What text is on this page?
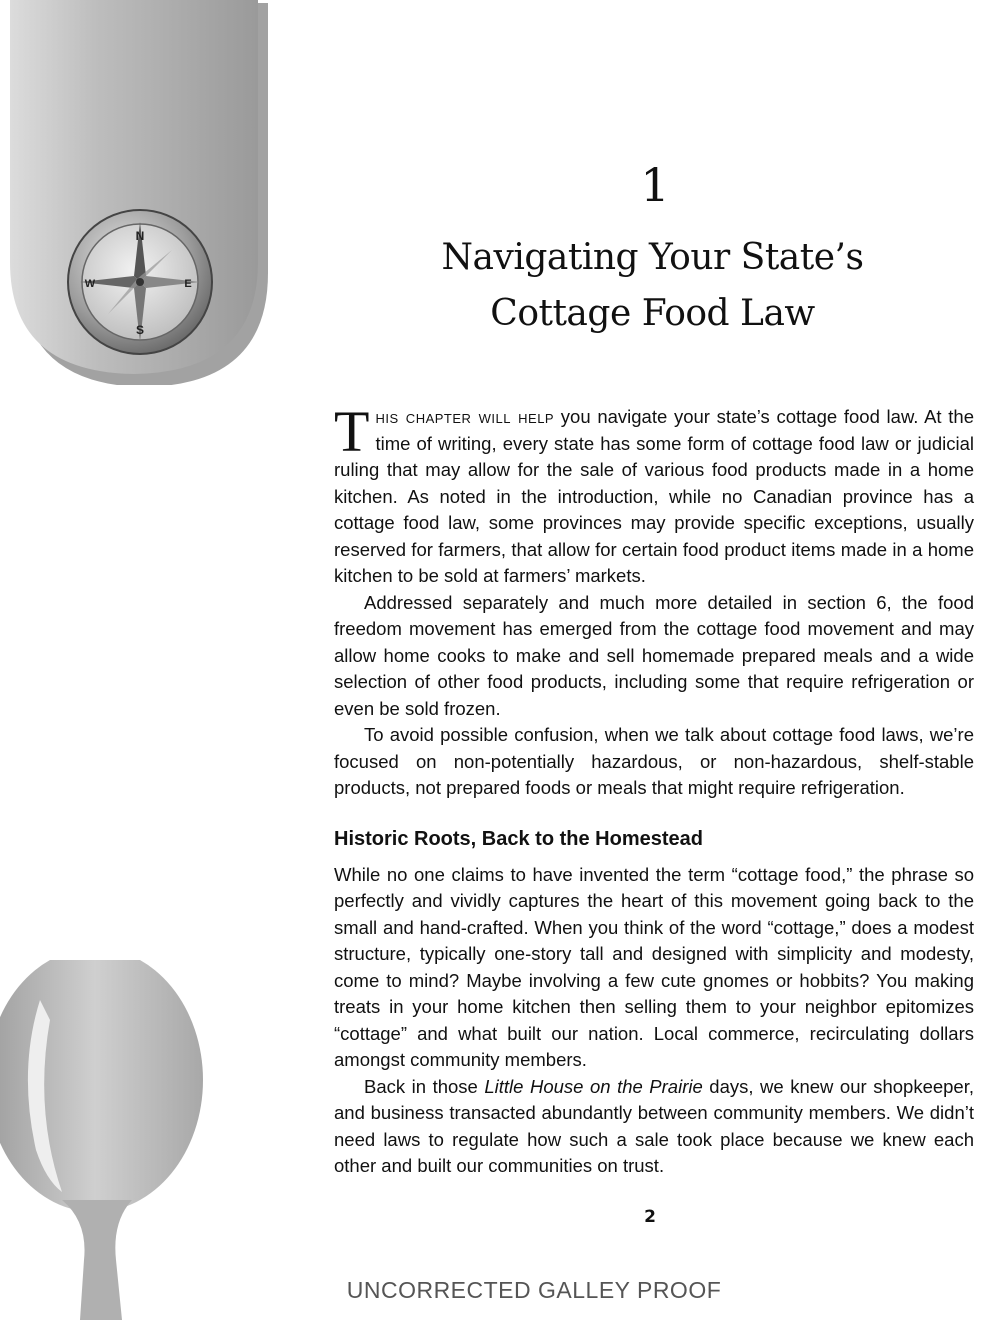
N
S
E
W
1
Navigating Your State’s
Cottage Food Law

This chapter will help you navigate your state’s cottage food law. At the time of writing, every state has some form of cottage food law or judicial ruling that may allow for the sale of various food products made in a home kitchen. As noted in the introduction, while no Canadian province has a cottage food law, some provinces may provide specific exceptions, usually reserved for farmers, that allow for certain food product items made in a home kitchen to be sold at farmers’ markets.

Addressed separately and much more detailed in section 6, the food freedom movement has emerged from the cottage food movement and may allow home cooks to make and sell homemade prepared meals and a wide selection of other food products, including some that require refrigeration or even be sold frozen.

To avoid possible confusion, when we talk about cottage food laws, we’re focused on non-potentially hazardous, or non-hazardous, shelf-stable products, not prepared foods or meals that might require refrigeration.

Historic Roots, Back to the Homestead

While no one claims to have invented the term “cottage food,” the phrase so perfectly and vividly captures the heart of this movement going back to the small and hand-crafted. When you think of the word “cottage,” does a modest structure, typically one-story tall and designed with simplicity and modesty, come to mind? Maybe involving a few cute gnomes or hobbits? You making treats in your home kitchen then selling them to your neighbor epitomizes “cottage” and what built our nation. Local commerce, recirculating dollars amongst community members.

Back in those Little House on the Prairie days, we knew our shopkeeper, and business transacted abundantly between community members. We didn’t need laws to regulate how such a sale took place because we knew each other and built our communities on trust.

2
UNCORRECTED GALLEY PROOF
